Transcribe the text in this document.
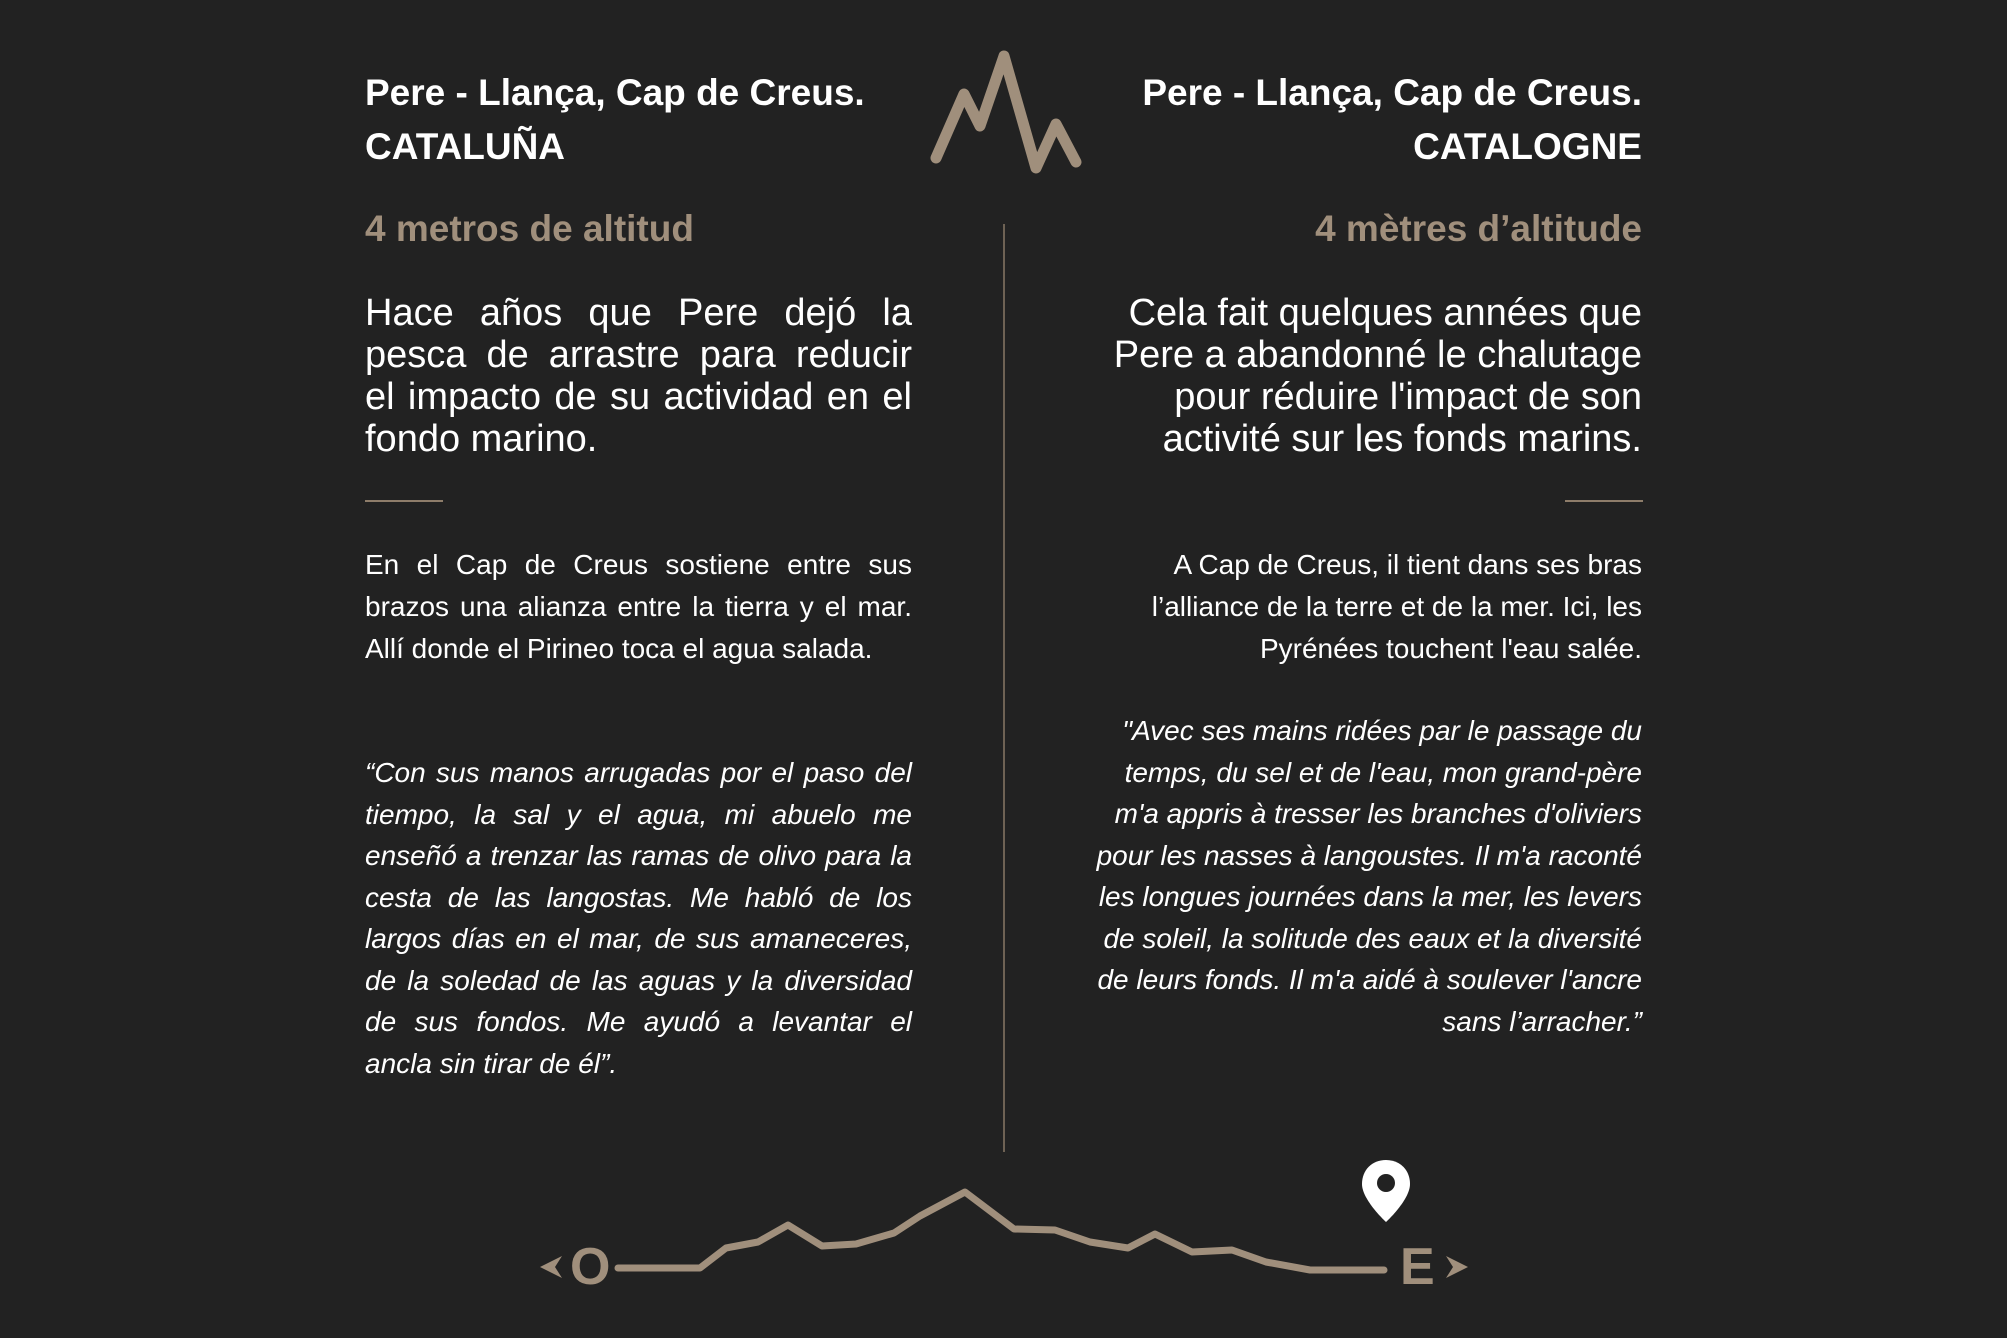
Pere - Llança, Cap de Creus.
CATALUÑA
4 metros de altitud
Hace años que Pere dejó la pesca de arrastre para reducir el impacto de su actividad en el fondo marino.
En el Cap de Creus sostiene entre sus brazos una alianza entre la tierra y el mar. Allí donde el Pirineo toca el agua salada.
“Con sus manos arrugadas por el paso del tiempo, la sal y el agua, mi abuelo me enseñó a trenzar las ramas de olivo para la cesta de las langostas. Me habló de los largos días en el mar, de sus amaneceres, de la soledad de las aguas y la diversidad de sus fondos. Me ayudó a levantar el ancla sin tirar de él”.
Pere - Llança, Cap de Creus.
CATALOGNE
4 mètres d’altitude
Cela fait quelques années que Pere a abandonné le chalutage pour réduire l'impact de son activité sur les fonds marins.
A Cap de Creus, il tient dans ses bras l’alliance de la terre et de la mer. Ici, les Pyrénées touchent l'eau salée.
"Avec ses mains ridées par le passage du temps, du sel et de l'eau, mon grand-père m'a appris à tresser les branches d'oliviers pour les nasses à langoustes. Il m'a raconté les longues journées dans la mer, les levers de soleil, la solitude des eaux et la diversité de leurs fonds. Il m'a aidé à soulever l'ancre sans l’arracher.”
O	E
